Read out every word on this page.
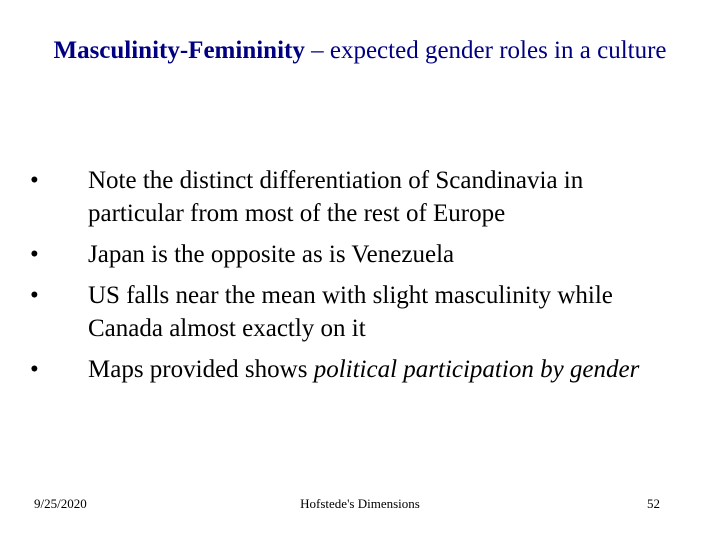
Masculinity-Femininity – expected gender roles in a culture
•	Note the distinct differentiation of Scandinavia in particular from most of the rest of Europe
•	Japan is the opposite as is Venezuela
•	US falls near the mean with slight masculinity while Canada almost exactly on it
•	Maps provided shows political participation by gender
9/25/2020	Hofstede's Dimensions	52
